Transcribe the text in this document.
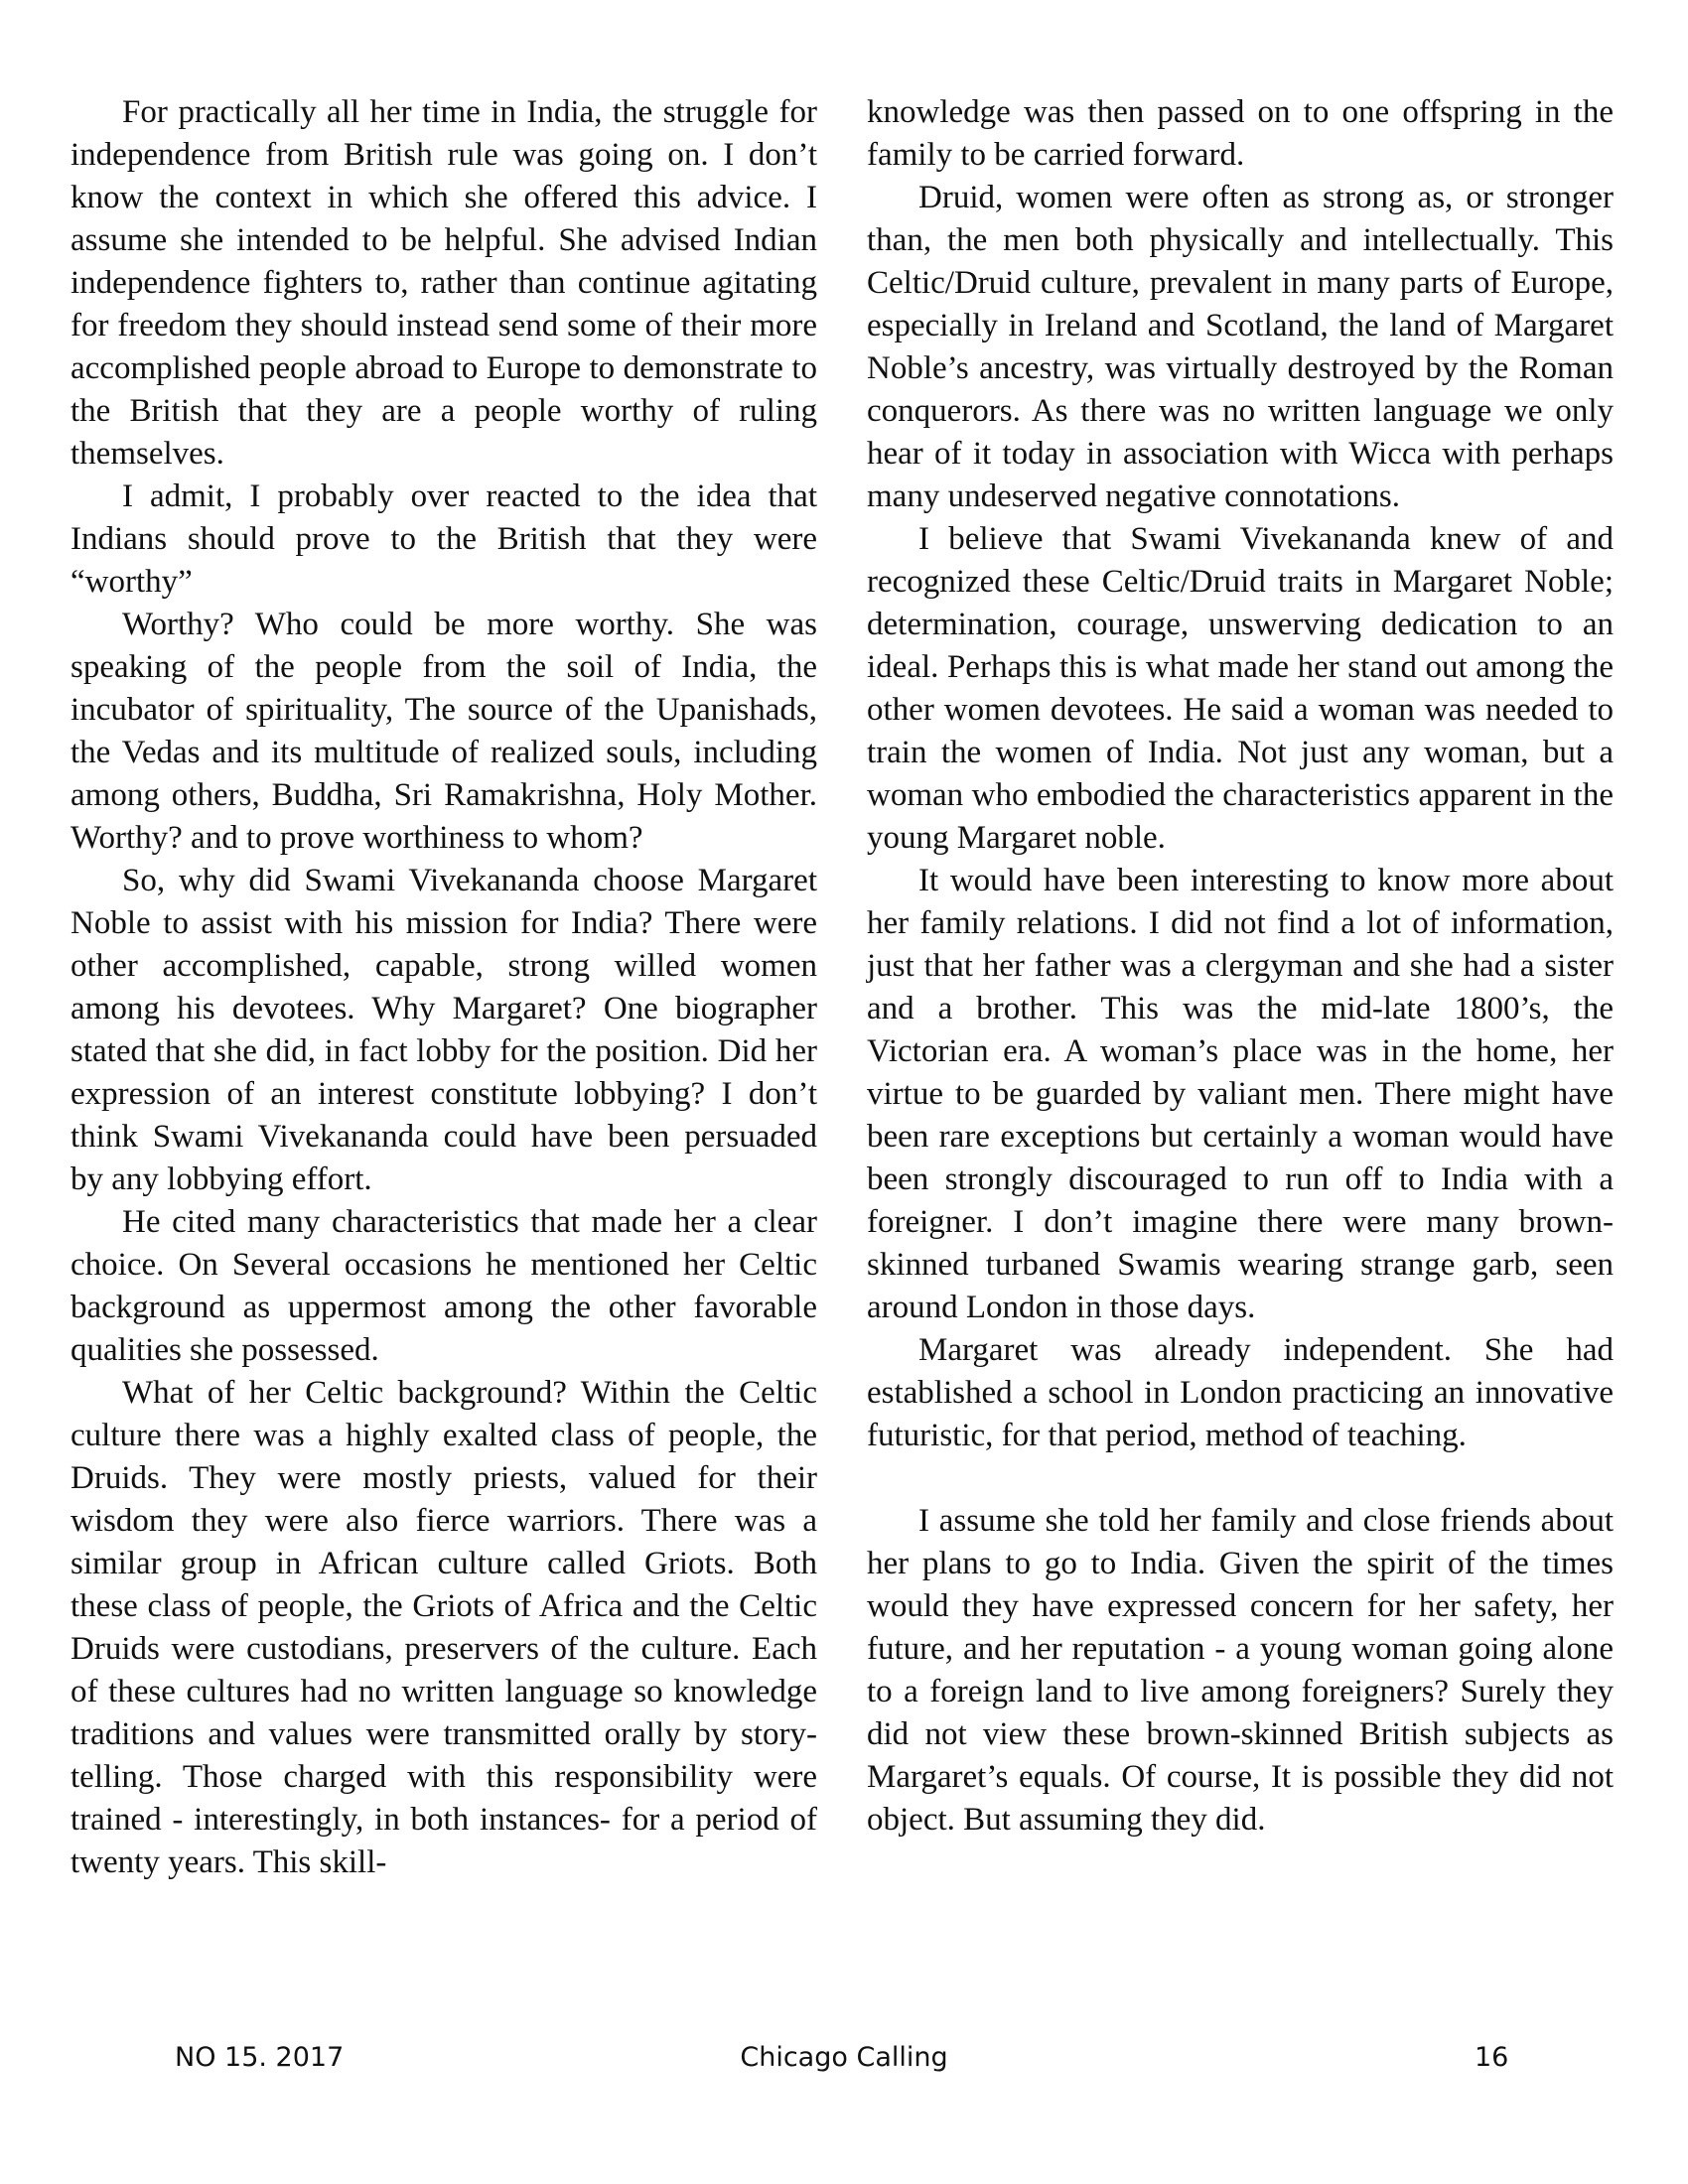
For practically all her time in India, the struggle for independence from British rule was going on. I don’t know the context in which she offered this advice. I assume she intended to be helpful. She advised Indian independence fighters to, rather than continue agitating for freedom they should instead send some of their more accomplished people abroad to Europe to demonstrate to the British that they are a people worthy of ruling themselves.

I admit, I probably over reacted to the idea that Indians should prove to the British that they were “worthy”

Worthy? Who could be more worthy. She was speaking of the people from the soil of India, the incubator of spirituality, The source of the Upanishads, the Vedas and its multitude of realized souls, including among others, Buddha, Sri Ramakrishna, Holy Mother. Worthy? and to prove worthiness to whom?

So, why did Swami Vivekananda choose Margaret Noble to assist with his mission for India? There were other accomplished, capable, strong willed women among his devotees. Why Margaret? One biographer stated that she did, in fact lobby for the position. Did her expression of an interest constitute lobbying? I don’t think Swami Vivekananda could have been persuaded by any lobbying effort.

He cited many characteristics that made her a clear choice. On Several occasions he mentioned her Celtic background as uppermost among the other favorable qualities she possessed.

What of her Celtic background? Within the Celtic culture there was a highly exalted class of people, the Druids. They were mostly priests, valued for their wisdom they were also fierce warriors. There was a similar group in African culture called Griots. Both these class of people, the Griots of Africa and the Celtic Druids were custodians, preservers of the culture. Each of these cultures had no written language so knowledge traditions and values were transmitted orally by story-telling. Those charged with this responsibility were trained - interestingly, in both instances- for a period of twenty years. This skill-

knowledge was then passed on to one offspring in the family to be carried forward.

Druid, women were often as strong as, or stronger than, the men both physically and intellectually. This Celtic/Druid culture, prevalent in many parts of Europe, especially in Ireland and Scotland, the land of Margaret Noble’s ancestry, was virtually destroyed by the Roman conquerors. As there was no written language we only hear of it today in association with Wicca with perhaps many undeserved negative connotations.

I believe that Swami Vivekananda knew of and recognized these Celtic/Druid traits in Margaret Noble; determination, courage, unswerving dedication to an ideal. Perhaps this is what made her stand out among the other women devotees. He said a woman was needed to train the women of India. Not just any woman, but a woman who embodied the characteristics apparent in the young Margaret noble.

It would have been interesting to know more about her family relations. I did not find a lot of information, just that her father was a clergyman and she had a sister and a brother. This was the mid-late 1800’s, the Victorian era. A woman’s place was in the home, her virtue to be guarded by valiant men. There might have been rare exceptions but certainly a woman would have been strongly discouraged to run off to India with a foreigner. I don’t imagine there were many brown-skinned turbaned Swamis wearing strange garb, seen around London in those days.

Margaret was already independent. She had established a school in London practicing an innovative futuristic, for that period, method of teaching.

I assume she told her family and close friends about her plans to go to India. Given the spirit of the times would they have expressed concern for her safety, her future, and her reputation - a young woman going alone to a foreign land to live among foreigners? Surely they did not view these brown-skinned British subjects as Margaret’s equals. Of course, It is possible they did not object. But assuming they did.

NO 15. 2017	Chicago Calling	16
